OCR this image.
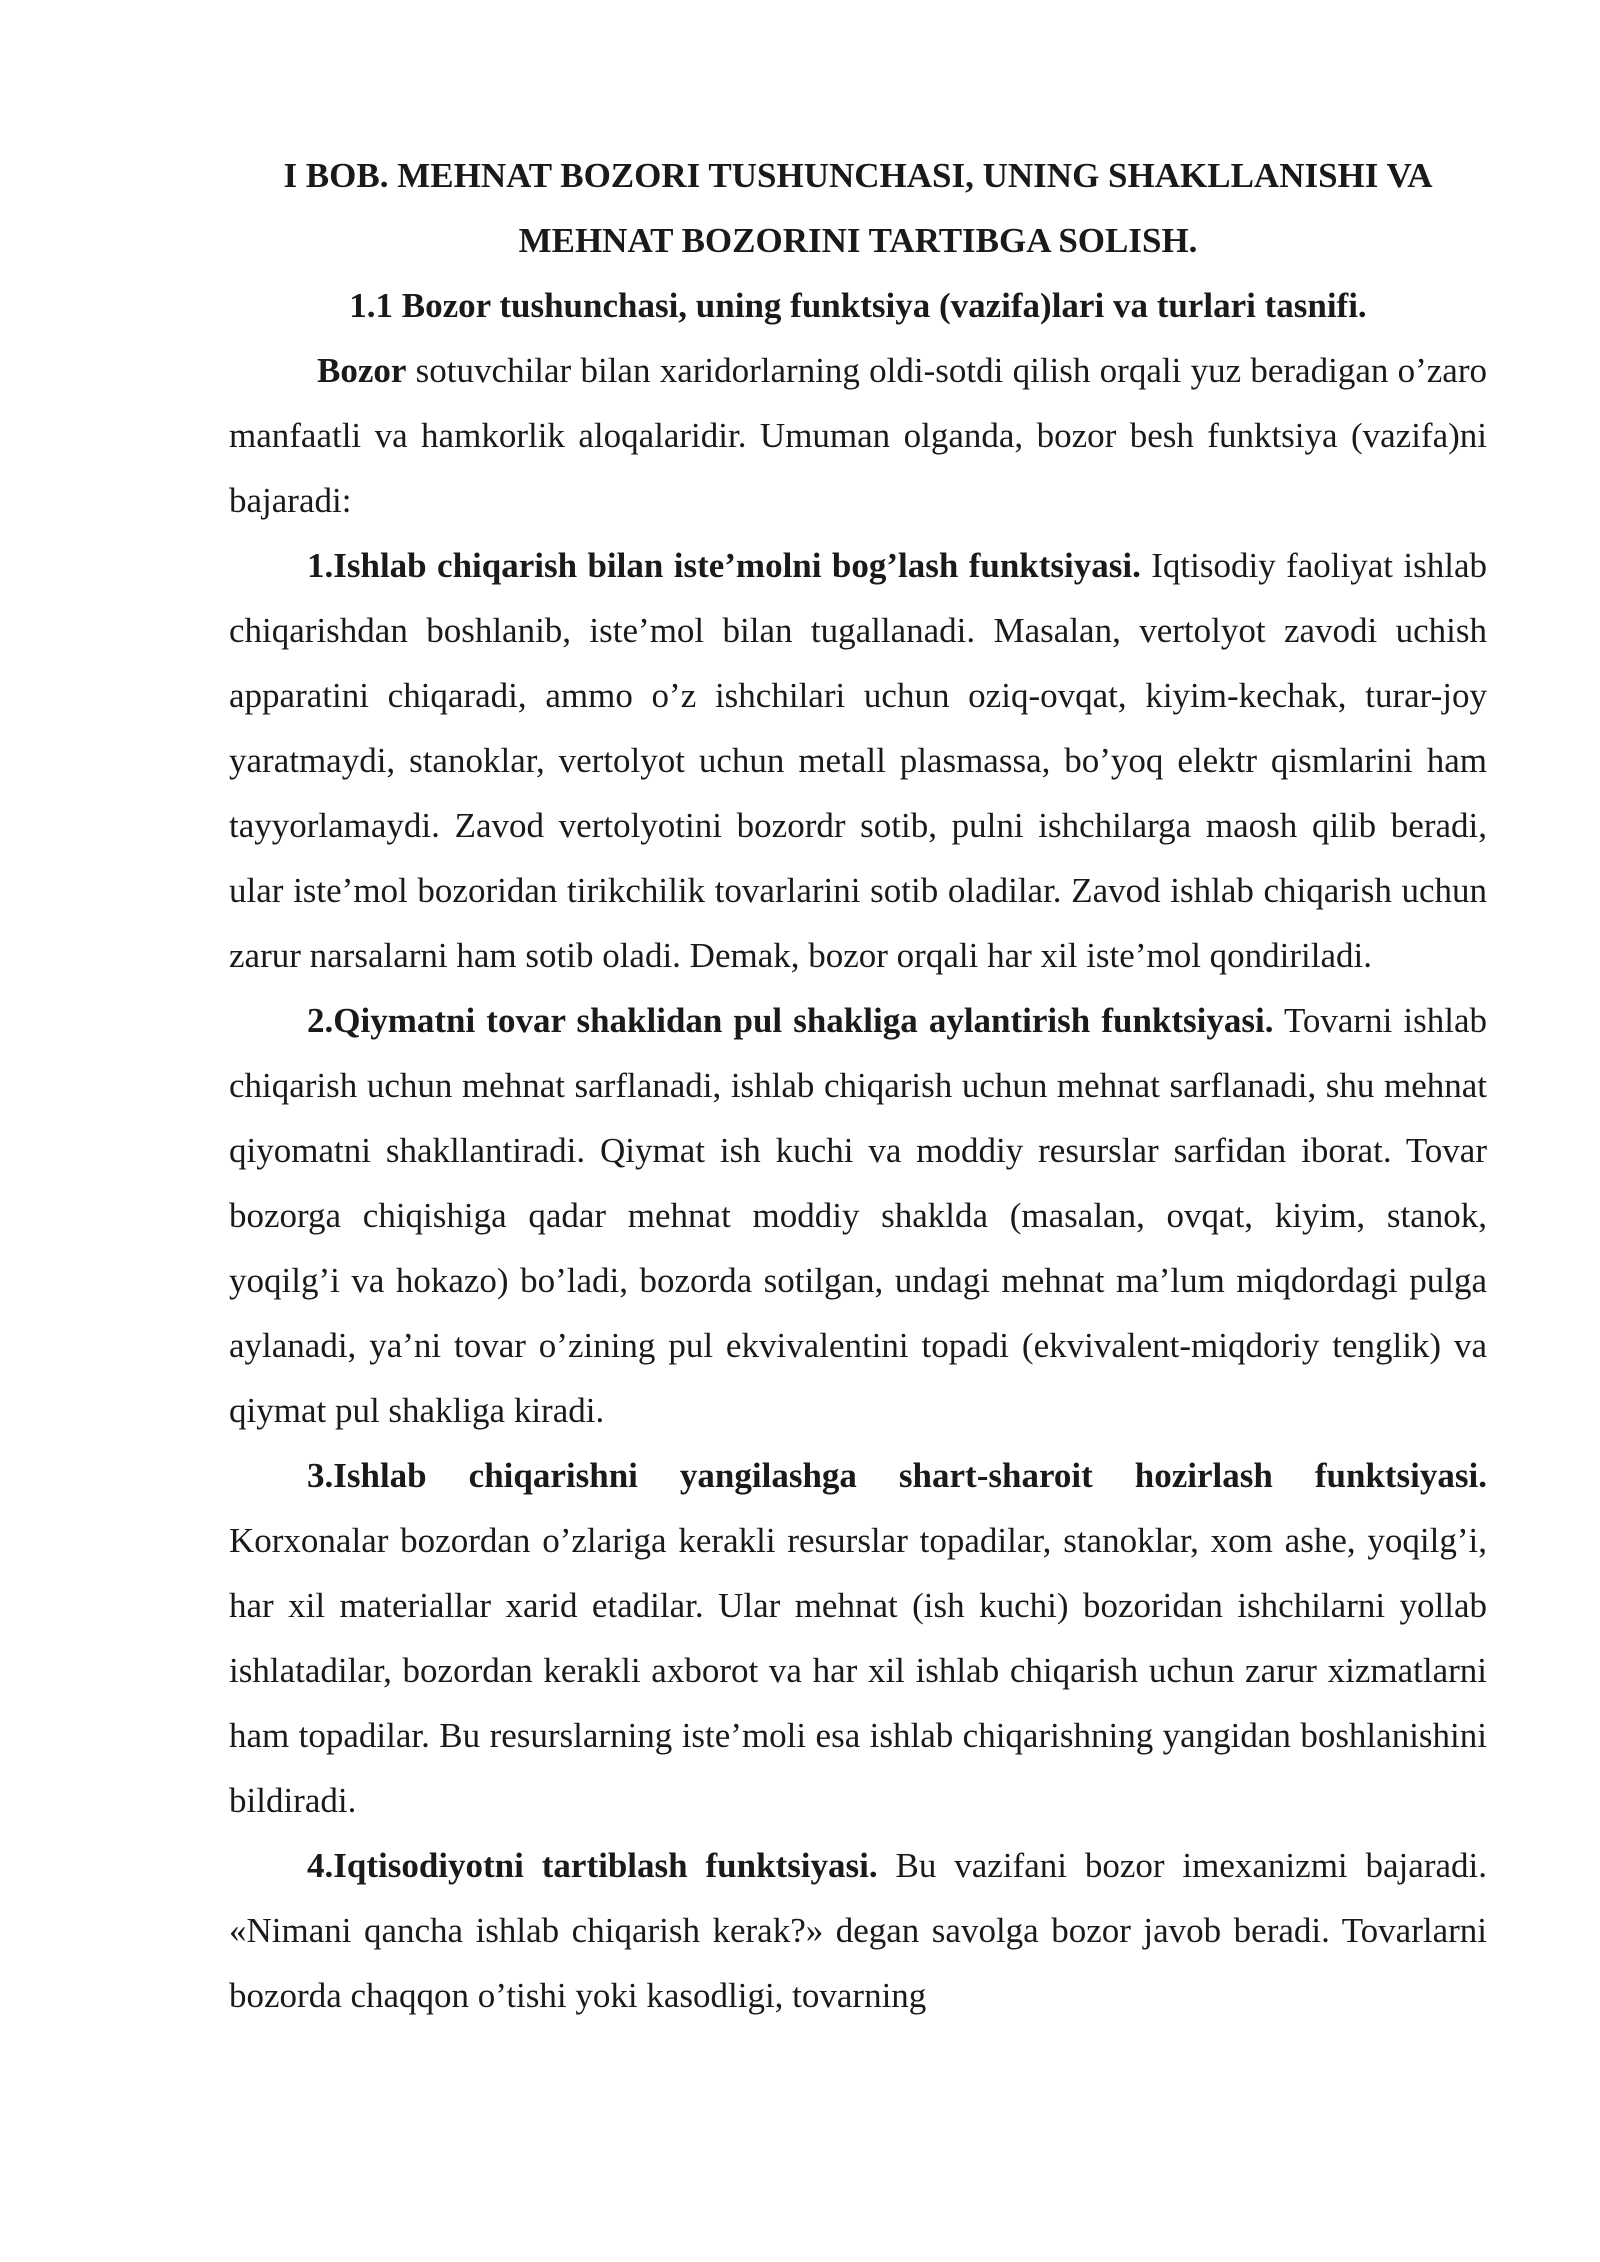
I BOB. MEHNAT BOZORI TUSHUNCHASI, UNING SHAKLLANISHI VA
MEHNAT BOZORINI TARTIBGA SOLISH.

1.1 Bozor tushunchasi, uning funktsiya (vazifa)lari va turlari tasnifi.

Bozor sotuvchilar bilan xaridorlarning oldi-sotdi qilish orqali yuz beradigan o’zaro manfaatli va hamkorlik aloqalaridir. Umuman olganda, bozor besh funktsiya (vazifa)ni bajaradi:

1.Ishlab chiqarish bilan iste’molni bog’lash funktsiyasi. Iqtisodiy faoliyat ishlab chiqarishdan boshlanib, iste’mol bilan tugallanadi. Masalan, vertolyot zavodi uchish apparatini chiqaradi, ammo o’z ishchilari uchun oziq-ovqat, kiyim-kechak, turar-joy yaratmaydi, stanoklar, vertolyot uchun metall plasmassa, bo’yoq elektr qismlarini ham tayyorlamaydi. Zavod vertolyotini bozordr sotib, pulni ishchilarga maosh qilib beradi, ular iste’mol bozoridan tirikchilik tovarlarini sotib oladilar. Zavod ishlab chiqarish uchun zarur narsalarni ham sotib oladi. Demak, bozor orqali har xil iste’mol qondiriladi.

2.Qiymatni tovar shaklidan pul shakliga aylantirish funktsiyasi. Tovarni ishlab chiqarish uchun mehnat sarflanadi, ishlab chiqarish uchun mehnat sarflanadi, shu mehnat qiyomatni shakllantiradi. Qiymat ish kuchi va moddiy resurslar sarfidan iborat. Tovar bozorga chiqishiga qadar mehnat moddiy shaklda (masalan, ovqat, kiyim, stanok, yoqilg’i va hokazo) bo’ladi, bozorda sotilgan, undagi mehnat ma’lum miqdordagi pulga aylanadi, ya’ni tovar o’zining pul ekvivalentini topadi (ekvivalent-miqdoriy tenglik) va qiymat pul shakliga kiradi.

3.Ishlab chiqarishni yangilashga shart-sharoit hozirlash funktsiyasi. Korxonalar bozordan o’zlariga kerakli resurslar topadilar, stanoklar, xom ashe, yoqilg’i, har xil materiallar xarid etadilar. Ular mehnat (ish kuchi) bozoridan ishchilarni yollab ishlatadilar, bozordan kerakli axborot va har xil ishlab chiqarish uchun zarur xizmatlarni ham topadilar. Bu resurslarning iste’moli esa ishlab chiqarishning yangidan boshlanishini bildiradi.

4.Iqtisodiyotni tartiblash funktsiyasi. Bu vazifani bozor imexanizmi bajaradi. «Nimani qancha ishlab chiqarish kerak?» degan savolga bozor javob beradi. Tovarlarni bozorda chaqqon o’tishi yoki kasodligi, tovarning
